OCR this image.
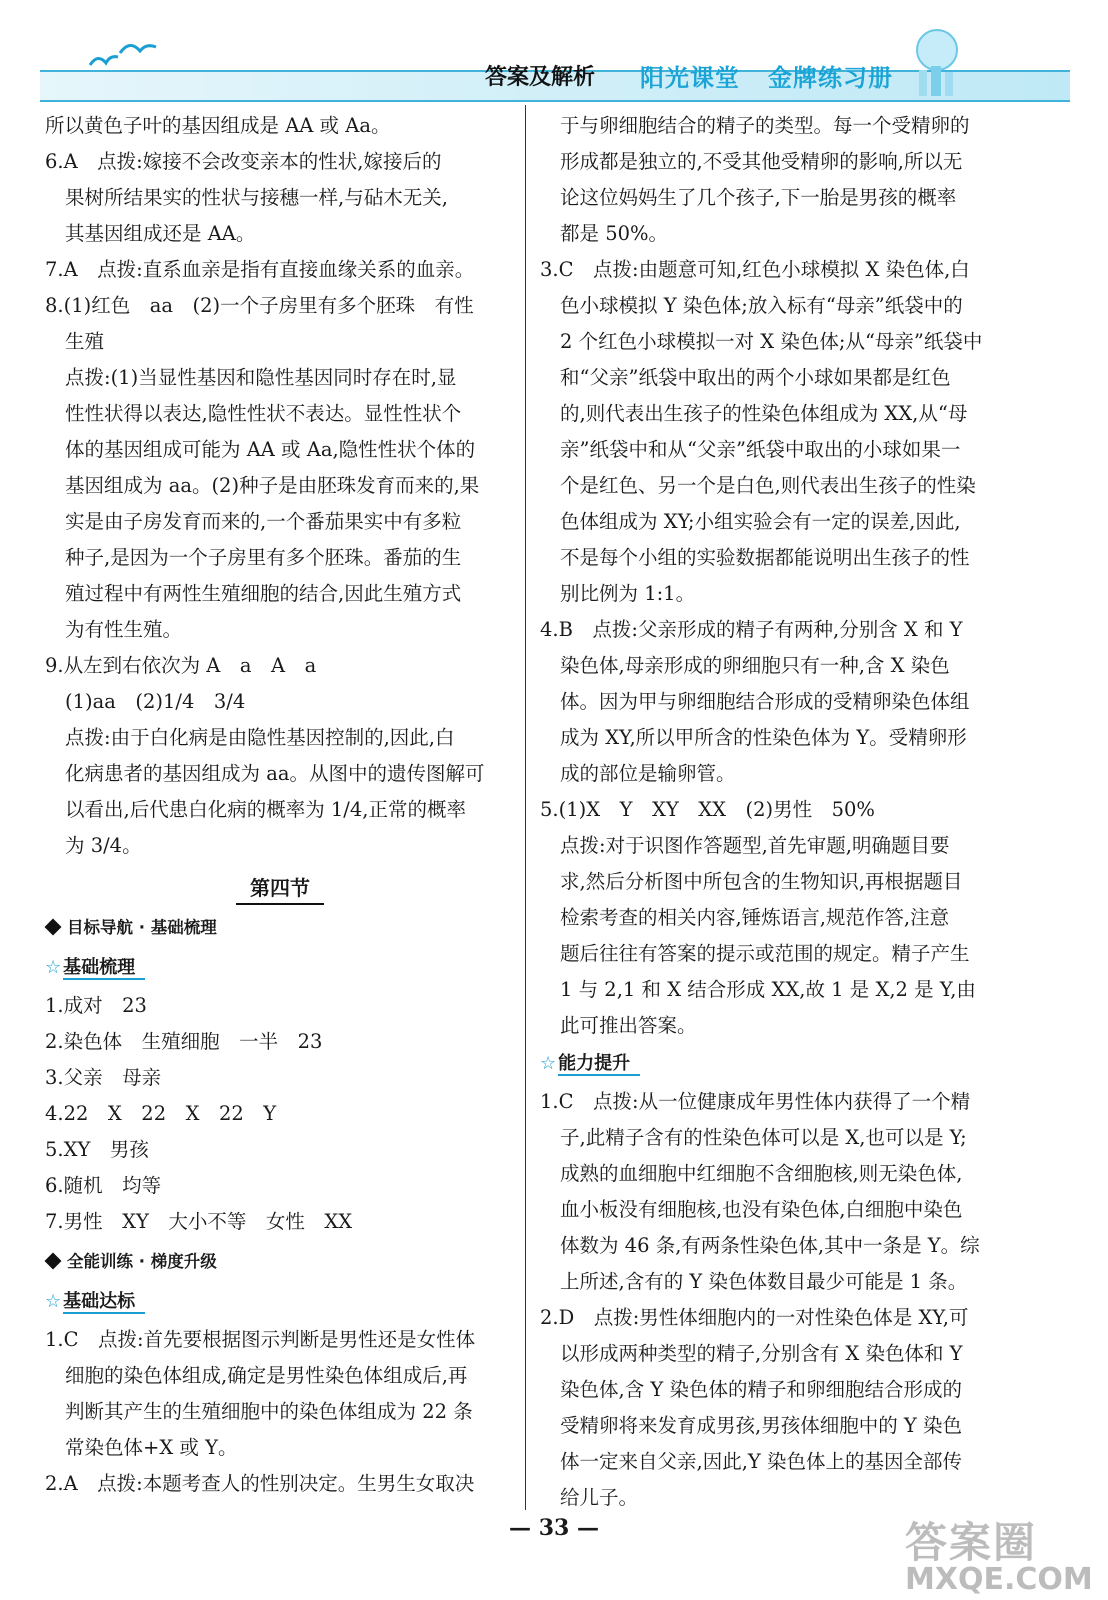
答案及解析 阳光课堂 金牌练习册

所以黄色子叶的基因组成是 AA 或 Aa。

6.A　点拨:嫁接不会改变亲本的性状,嫁接后的

果树所结果实的性状与接穗一样,与砧木无关,

其基因组成还是 AA。

7.A　点拨:直系血亲是指有直接血缘关系的血亲。

8.(1)红色　aa　(2)一个子房里有多个胚珠　有性

生殖

点拨:(1)当显性基因和隐性基因同时存在时,显

性性状得以表达,隐性性状不表达。显性性状个

体的基因组成可能为 AA 或 Aa,隐性性状个体的

基因组成为 aa。(2)种子是由胚珠发育而来的,果

实是由子房发育而来的,一个番茄果实中有多粒

种子,是因为一个子房里有多个胚珠。番茄的生

殖过程中有两性生殖细胞的结合,因此生殖方式

为有性生殖。

9.从左到右依次为 A　a　A　a

(1)aa　(2)1/4　3/4

点拨:由于白化病是由隐性基因控制的,因此,白

化病患者的基因组成为 aa。从图中的遗传图解可

以看出,后代患白化病的概率为 1/4,正常的概率

为 3/4。

第四节
目标导航 · 基础梳理
☆ 基础梳理

1.成对　23

2.染色体　生殖细胞　一半　23

3.父亲　母亲

4.22　X　22　X　22　Y

5.XY　男孩

6.随机　均等

7.男性　XY　大小不等　女性　XX

全能训练 · 梯度升级
☆ 基础达标

1.C　点拨:首先要根据图示判断是男性还是女性体

细胞的染色体组成,确定是男性染色体组成后,再

判断其产生的生殖细胞中的染色体组成为 22 条

常染色体+X 或 Y。

2.A　点拨:本题考查人的性别决定。生男生女取决

于与卵细胞结合的精子的类型。每一个受精卵的

形成都是独立的,不受其他受精卵的影响,所以无

论这位妈妈生了几个孩子,下一胎是男孩的概率

都是 50%。

3.C　点拨:由题意可知,红色小球模拟 X 染色体,白

色小球模拟 Y 染色体;放入标有“母亲”纸袋中的

2 个红色小球模拟一对 X 染色体;从“母亲”纸袋中

和“父亲”纸袋中取出的两个小球如果都是红色

的,则代表出生孩子的性染色体组成为 XX,从“母

亲”纸袋中和从“父亲”纸袋中取出的小球如果一

个是红色、另一个是白色,则代表出生孩子的性染

色体组成为 XY;小组实验会有一定的误差,因此,

不是每个小组的实验数据都能说明出生孩子的性

别比例为 1:1。

4.B　点拨:父亲形成的精子有两种,分别含 X 和 Y

染色体,母亲形成的卵细胞只有一种,含 X 染色

体。因为甲与卵细胞结合形成的受精卵染色体组

成为 XY,所以甲所含的性染色体为 Y。受精卵形

成的部位是输卵管。

5.(1)X　Y　XY　XX　(2)男性　50%

点拨:对于识图作答题型,首先审题,明确题目要

求,然后分析图中所包含的生物知识,再根据题目

检索考查的相关内容,锤炼语言,规范作答,注意

题后往往有答案的提示或范围的规定。精子产生

1 与 2,1 和 X 结合形成 XX,故 1 是 X,2 是 Y,由

此可推出答案。

☆ 能力提升

1.C　点拨:从一位健康成年男性体内获得了一个精

子,此精子含有的性染色体可以是 X,也可以是 Y;

成熟的血细胞中红细胞不含细胞核,则无染色体,

血小板没有细胞核,也没有染色体,白细胞中染色

体数为 46 条,有两条性染色体,其中一条是 Y。综

上所述,含有的 Y 染色体数目最少可能是 1 条。

2.D　点拨:男性体细胞内的一对性染色体是 XY,可

以形成两种类型的精子,分别含有 X 染色体和 Y

染色体,含 Y 染色体的精子和卵细胞结合形成的

受精卵将来发育成男孩,男孩体细胞中的 Y 染色

体一定来自父亲,因此,Y 染色体上的基因全部传

给儿子。

— 33 —	答案圈
MXQE.COM
